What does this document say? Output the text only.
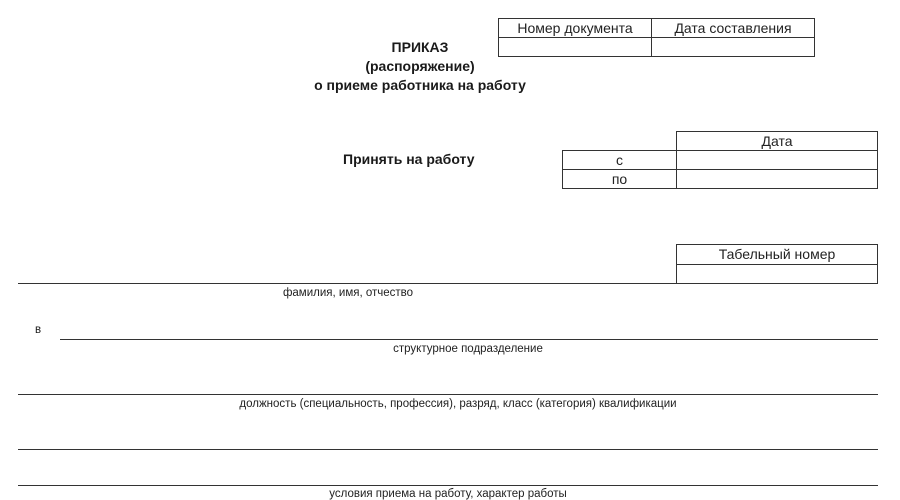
ПРИКАЗ
(распоряжение)
о приеме работника на работу
Номер документа	Дата составления
Принять на работу
Дата
с
по
Табельный номер
фамилия, имя, отчество
в
структурное подразделение
должность (специальность, профессия), разряд, класс (категория) квалификации
условия приема на работу, характер работы
